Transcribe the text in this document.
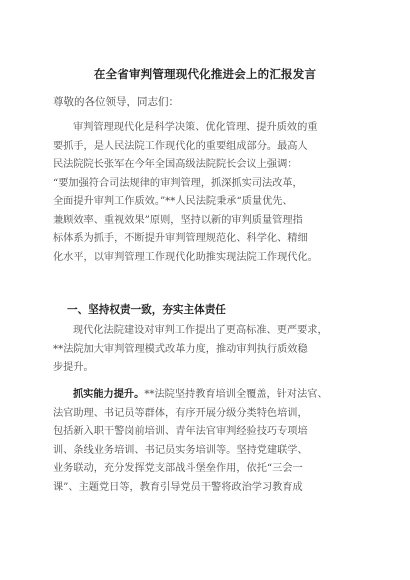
在全省审判管理现代化推进会上的汇报发言
尊敬的各位领导，同志们：
审判管理现代化是科学决策、优化管理、提升质效的重
要抓手，是人民法院工作现代化的重要组成部分。最高人
民法院院长张军在今年全国高级法院院长会议上强调：
“要加强符合司法规律的审判管理，抓深抓实司法改革，
全面提升审判工作质效。”**人民法院秉承“质量优先、
兼顾效率、重视效果”原则，坚持以新的审判质量管理指
标体系为抓手，不断提升审判管理规范化、科学化、精细
化水平，以审判管理工作现代化助推实现法院工作现代化。
一、坚持权责一致，夯实主体责任
现代化法院建设对审判工作提出了更高标准、更严要求，
**法院加大审判管理模式改革力度，推动审判执行质效稳
步提升。
抓实能力提升。**法院坚持教育培训全覆盖，针对法官、
法官助理、书记员等群体，有序开展分级分类特色培训，
包括新入职干警岗前培训、青年法官审判经验技巧专项培
训、条线业务培训、书记员实务培训等。坚持党建联学、
业务联动，充分发挥党支部战斗堡垒作用，依托“三会一
课”、主题党日等，教育引导党员干警将政治学习教育成
